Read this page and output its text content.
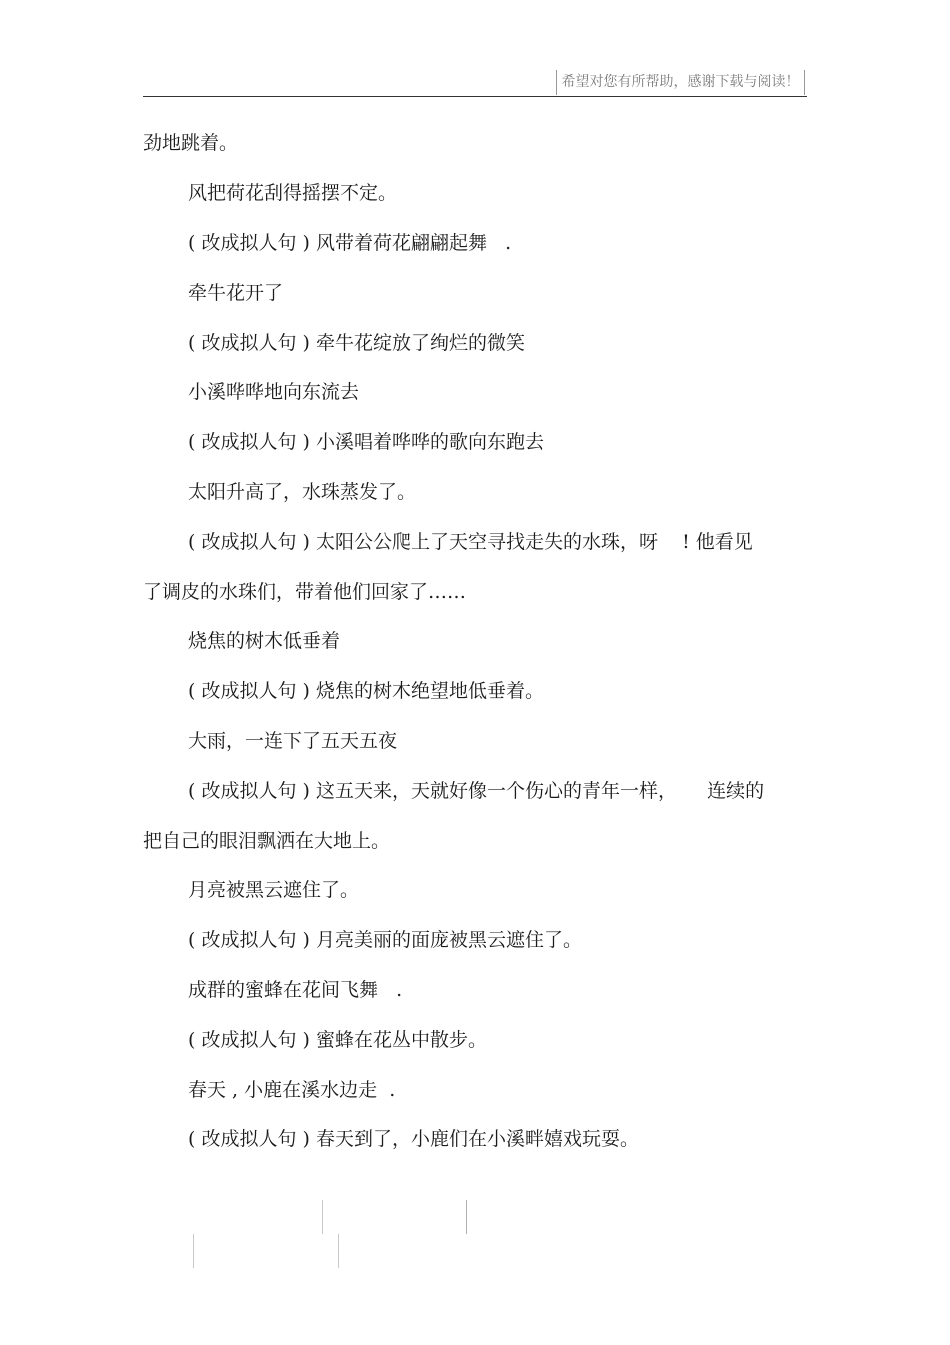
希望对您有所帮助，感谢下载与阅读！
劲地跳着。
风把荷花刮得摇摆不定。
( 改成拟人句 ) 风带着荷花翩翩起舞   .
牵牛花开了
( 改成拟人句 ) 牵牛花绽放了绚烂的微笑
小溪哗哗地向东流去
( 改成拟人句 ) 小溪唱着哗哗的歌向东跑去
太阳升高了，水珠蒸发了。
( 改成拟人句 ) 太阳公公爬上了天空寻找走失的水珠，呀    ! 他看见
了调皮的水珠们，带着他们回家了……
烧焦的树木低垂着
( 改成拟人句 ) 烧焦的树木绝望地低垂着。
大雨，一连下了五天五夜
( 改成拟人句 ) 这五天来，天就好像一个伤心的青年一样，     连续的
把自己的眼泪飘洒在大地上。
月亮被黑云遮住了。
( 改成拟人句 ) 月亮美丽的面庞被黑云遮住了。
成群的蜜蜂在花间飞舞   .
( 改成拟人句 ) 蜜蜂在花丛中散步。
春天 , 小鹿在溪水边走  .
( 改成拟人句 ) 春天到了，小鹿们在小溪畔嬉戏玩耍。
